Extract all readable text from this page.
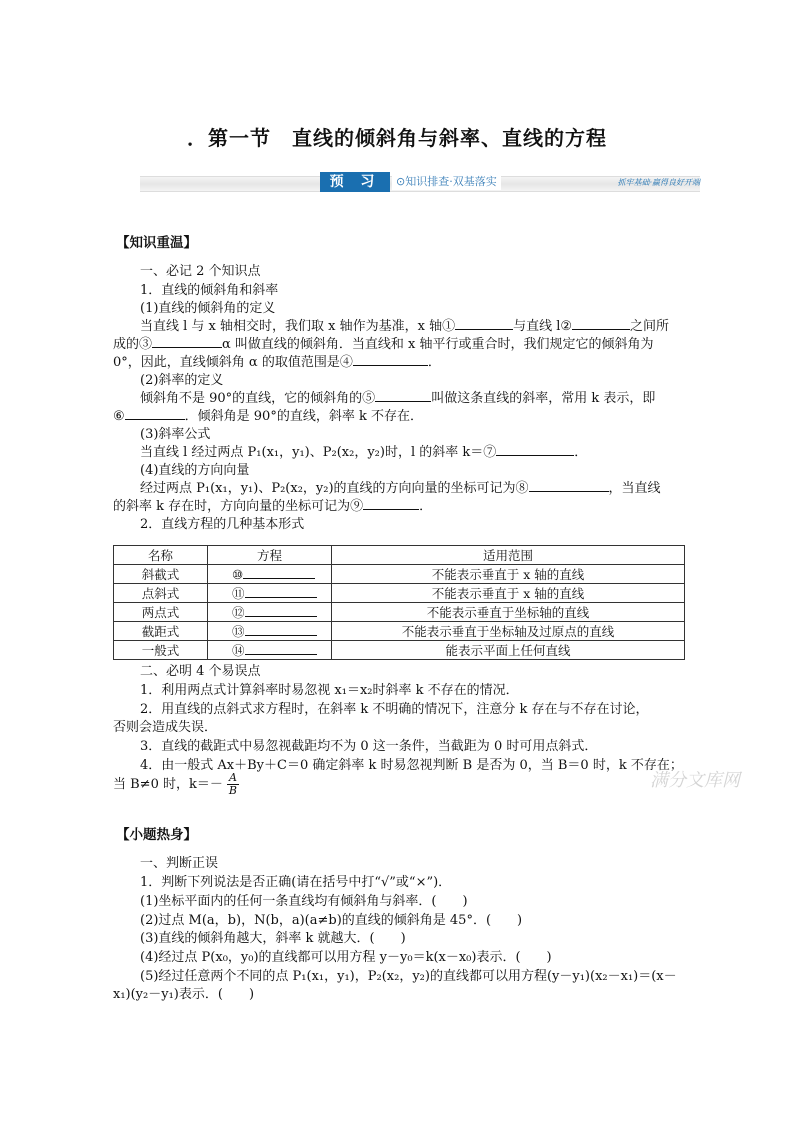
．第一节　直线的倾斜角与斜率、直线的方程
预 习	⊙知识排查·双基落实	抓牢基础·赢得良好开端
【知识重温】
一、必记 2 个知识点
1．直线的倾斜角和斜率
(1)直线的倾斜角的定义
当直线 l 与 x 轴相交时，我们取 x 轴作为基准，x 轴①	与直线 l②	之间所
成的③	α 叫做直线的倾斜角．当直线和 x 轴平行或重合时，我们规定它的倾斜角为
0°，因此，直线倾斜角 α 的取值范围是④	．
(2)斜率的定义
倾斜角不是 90°的直线，它的倾斜角的⑤	叫做这条直线的斜率，常用 k 表示，即
⑥	．倾斜角是 90°的直线，斜率 k 不存在．
(3)斜率公式
当直线 l 经过两点 P₁(x₁，y₁)、P₂(x₂，y₂)时，l 的斜率 k＝⑦	．
(4)直线的方向向量
经过两点 P₁(x₁，y₁)、P₂(x₂，y₂)的直线的方向向量的坐标可记为⑧	，当直线
的斜率 k 存在时，方向向量的坐标可记为⑨	．
2．直线方程的几种基本形式
名称	方程	适用范围
斜截式	⑩	不能表示垂直于 x 轴的直线
点斜式	⑪	不能表示垂直于 x 轴的直线
两点式	⑫	不能表示垂直于坐标轴的直线
截距式	⑬	不能表示垂直于坐标轴及过原点的直线
一般式	⑭	能表示平面上任何直线
二、必明 4 个易误点
1．利用两点式计算斜率时易忽视 x₁＝x₂时斜率 k 不存在的情况．
2．用直线的点斜式求方程时，在斜率 k 不明确的情况下，注意分 k 存在与不存在讨论，
否则会造成失误．
3．直线的截距式中易忽视截距均不为 0 这一条件，当截距为 0 时可用点斜式．
4．由一般式 Ax＋By＋C＝0 确定斜率 k 时易忽视判断 B 是否为 0，当 B＝0 时，k 不存在；
当 B≠0 时，$k=- \frac{A}{B}$	满分文库网
【小题热身】
一、判断正误
1．判断下列说法是否正确(请在括号中打“√”或“×”)．
(1)坐标平面内的任何一条直线均有倾斜角与斜率．(　　)
(2)过点 M(a，b)，N(b，a)(a≠b)的直线的倾斜角是 45°．(　　)
(3)直线的倾斜角越大，斜率 k 就越大．(　　)
(4)经过点 P(x₀，y₀)的直线都可以用方程 y－y₀＝k(x－x₀)表示．(　　)
(5)经过任意两个不同的点 P₁(x₁，y₁)，P₂(x₂，y₂)的直线都可以用方程(y－y₁)(x₂－x₁)＝(x－
x₁)(y₂－y₁)表示．(　　)
